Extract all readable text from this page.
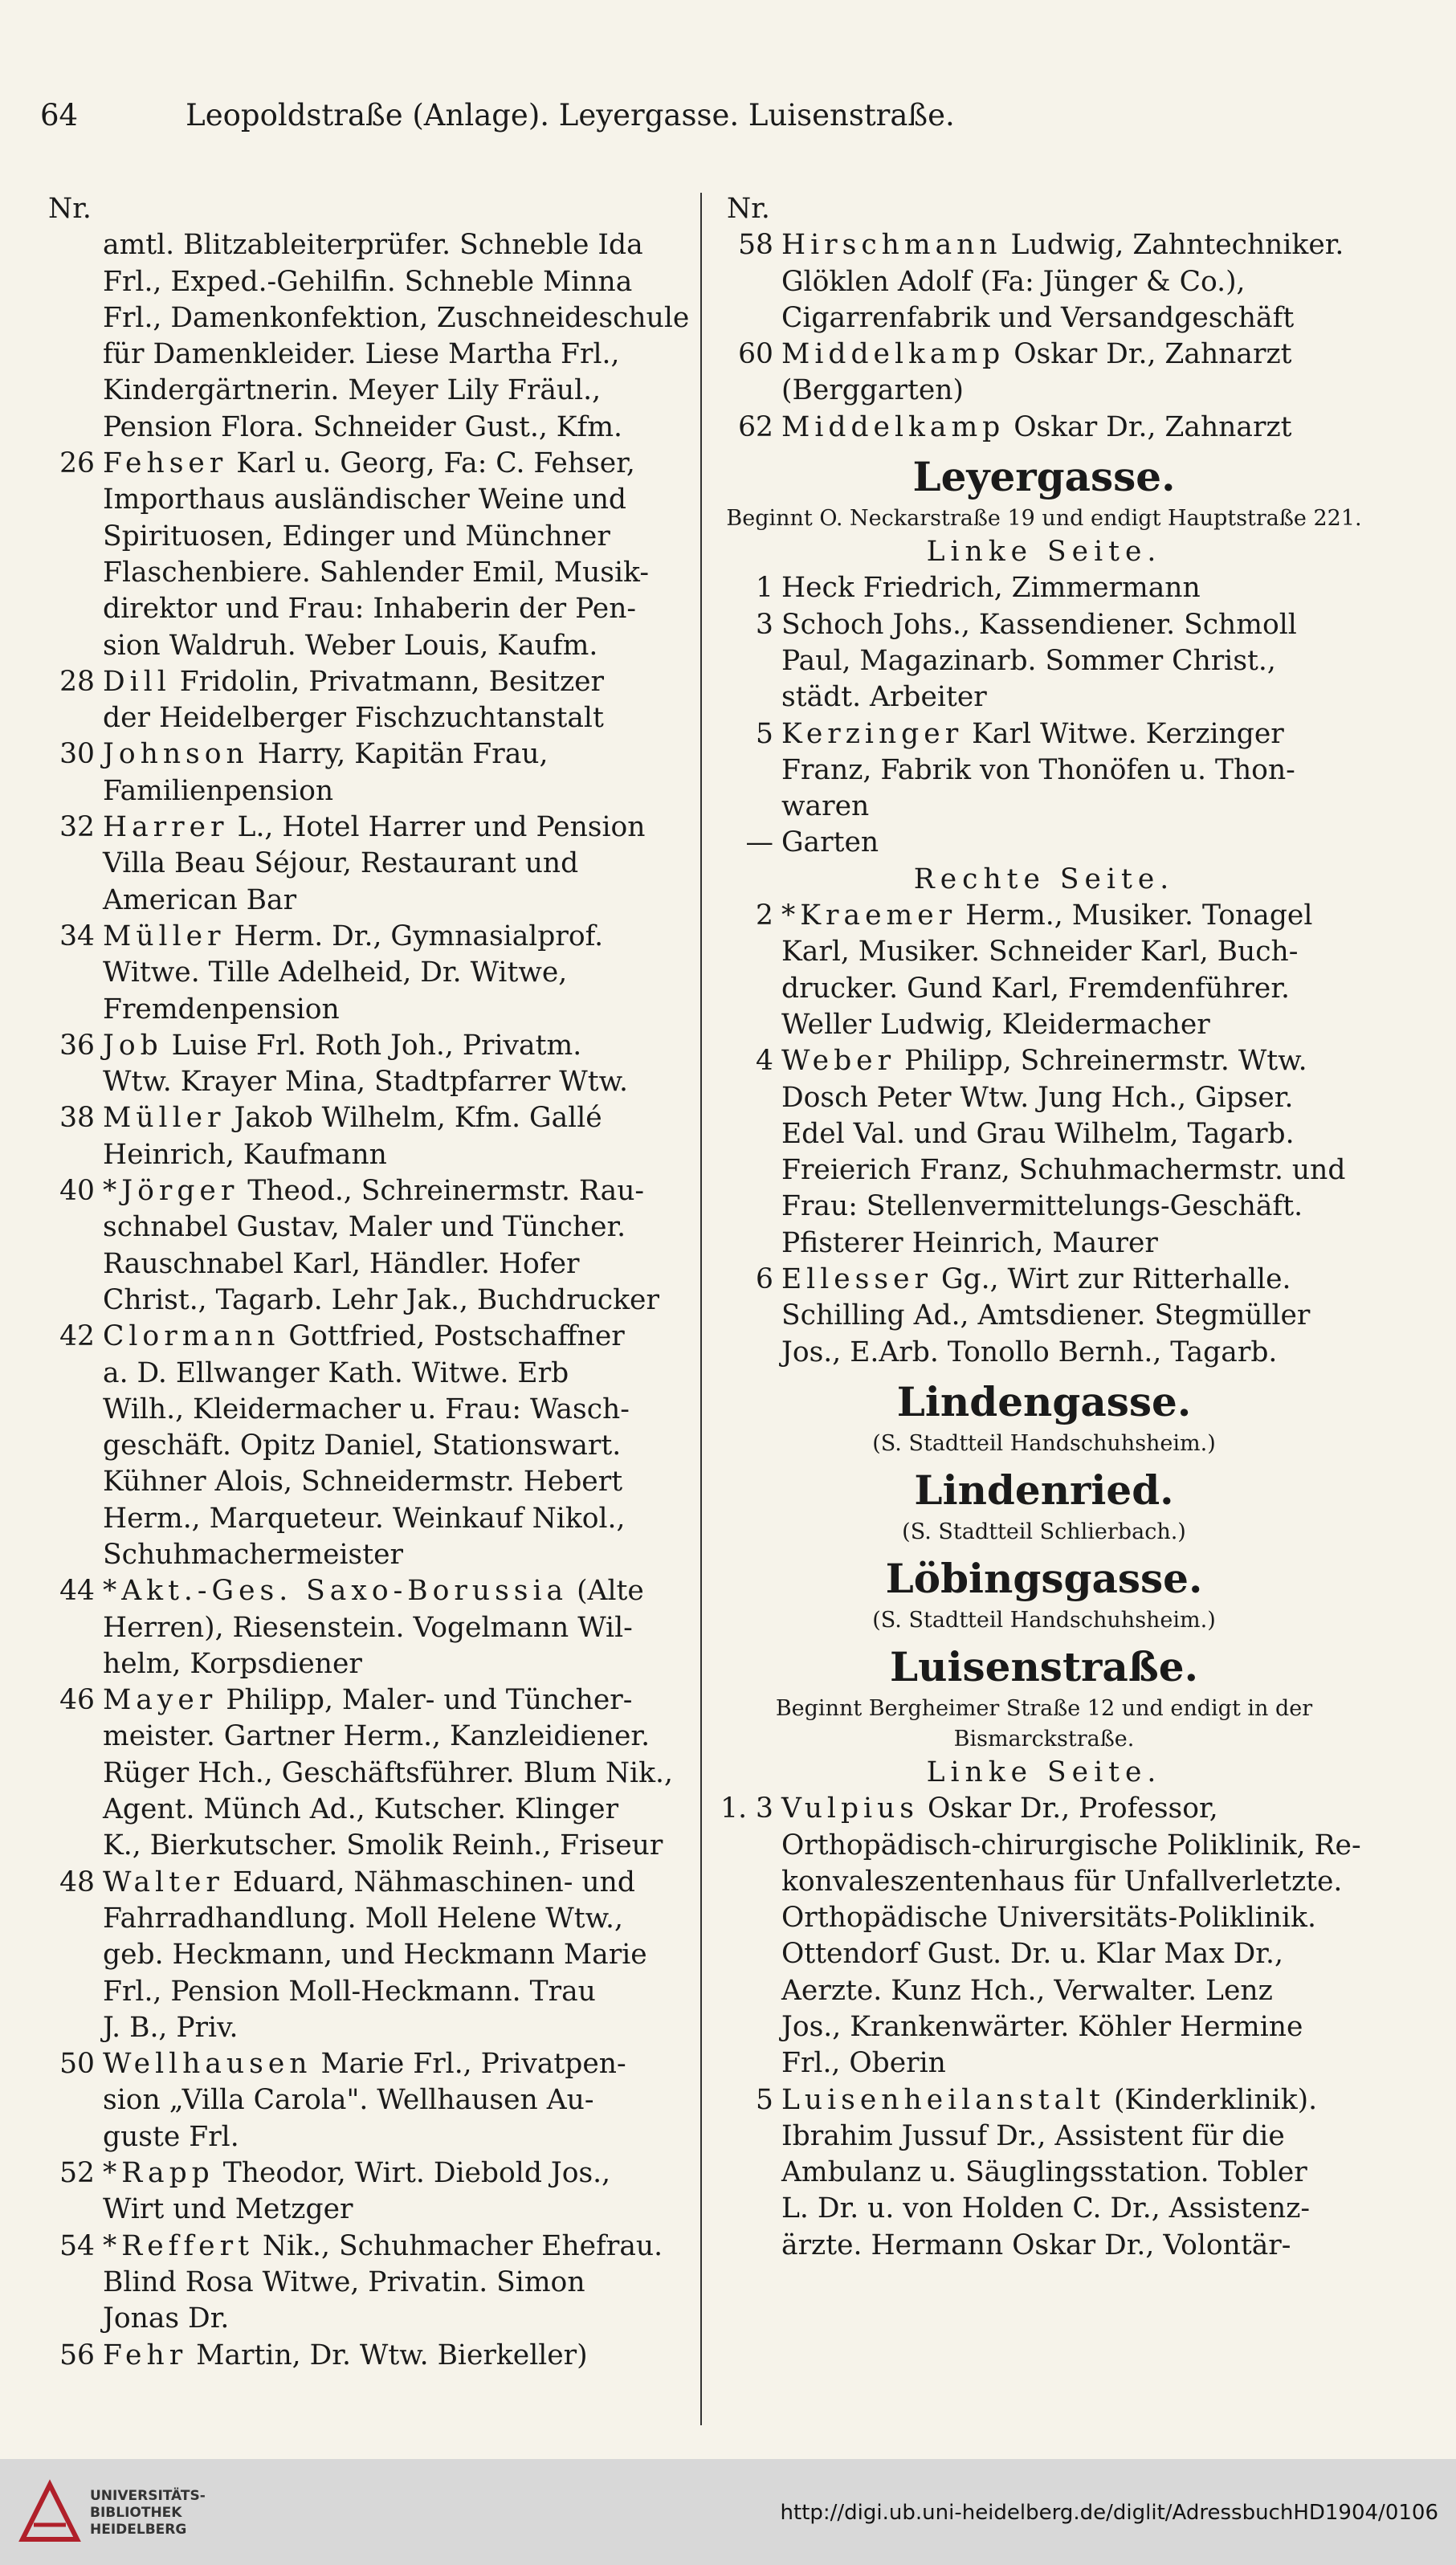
64	Leopoldstraße (Anlage). Leyergasse. Luisenstraße.
Nr.
amtl. Blitzableiterprüfer. Schneble Ida
Frl., Exped.-Gehilfin. Schneble Minna
Frl., Damenkonfektion, Zuschneideschule
für Damenkleider. Liese Martha Frl.,
Kindergärtnerin. Meyer Lily Fräul.,
Pension Flora. Schneider Gust., Kfm.
26 Fehser Karl u. Georg, Fa: C. Fehser,
Importhaus ausländischer Weine und
Spirituosen, Edinger und Münchner
Flaschenbiere. Sahlender Emil, Musik-
direktor und Frau: Inhaberin der Pen-
sion Waldruh. Weber Louis, Kaufm.
28 Dill Fridolin, Privatmann, Besitzer
der Heidelberger Fischzuchtanstalt
30 Johnson Harry, Kapitän Frau,
Familienpension
32 Harrer L., Hotel Harrer und Pension
Villa Beau Séjour, Restaurant und
American Bar
34 Müller Herm. Dr., Gymnasialprof.
Witwe. Tille Adelheid, Dr. Witwe,
Fremdenpension
36 Job Luise Frl. Roth Joh., Privatm.
Wtw. Krayer Mina, Stadtpfarrer Wtw.
38 Müller Jakob Wilhelm, Kfm. Gallé
Heinrich, Kaufmann
40 *Jörger Theod., Schreinermstr. Rau-
schnabel Gustav, Maler und Tüncher.
Rauschnabel Karl, Händler. Hofer
Christ., Tagarb. Lehr Jak., Buchdrucker
42 Clormann Gottfried, Postschaffner
a. D. Ellwanger Kath. Witwe. Erb
Wilh., Kleidermacher u. Frau: Wasch-
geschäft. Opitz Daniel, Stationswart.
Kühner Alois, Schneidermstr. Hebert
Herm., Marqueteur. Weinkauf Nikol.,
Schuhmachermeister
44 *Akt.-Ges. Saxo-Borussia (Alte
Herren), Riesenstein. Vogelmann Wil-
helm, Korpsdiener
46 Mayer Philipp, Maler- und Tüncher-
meister. Gartner Herm., Kanzleidiener.
Rüger Hch., Geschäftsführer. Blum Nik.,
Agent. Münch Ad., Kutscher. Klinger
K., Bierkutscher. Smolik Reinh., Friseur
48 Walter Eduard, Nähmaschinen- und
Fahrradhandlung. Moll Helene Wtw.,
geb. Heckmann, und Heckmann Marie
Frl., Pension Moll-Heckmann. Trau
J. B., Priv.
50 Wellhausen Marie Frl., Privatpen-
sion „Villa Carola". Wellhausen Au-
guste Frl.
52 *Rapp Theodor, Wirt. Diebold Jos.,
Wirt und Metzger
54 *Reffert Nik., Schuhmacher Ehefrau.
Blind Rosa Witwe, Privatin. Simon
Jonas Dr.
56 Fehr Martin, Dr. Wtw. Bierkeller)
Nr.
58 Hirschmann Ludwig, Zahntechniker.
Glöklen Adolf (Fa: Jünger & Co.),
Cigarrenfabrik und Versandgeschäft
60 Middelkamp Oskar Dr., Zahnarzt
(Berggarten)
62 Middelkamp Oskar Dr., Zahnarzt
Leyergasse.
Beginnt O. Neckarstraße 19 und endigt Hauptstraße 221.
Linke Seite.
1 Heck Friedrich, Zimmermann
3 Schoch Johs., Kassendiener. Schmoll
Paul, Magazinarb. Sommer Christ.,
städt. Arbeiter
5 Kerzinger Karl Witwe. Kerzinger
Franz, Fabrik von Thonöfen u. Thon-
waren
— Garten
Rechte Seite.
2 *Kraemer Herm., Musiker. Tonagel
Karl, Musiker. Schneider Karl, Buch-
drucker. Gund Karl, Fremdenführer.
Weller Ludwig, Kleidermacher
4 Weber Philipp, Schreinermstr. Wtw.
Dosch Peter Wtw. Jung Hch., Gipser.
Edel Val. und Grau Wilhelm, Tagarb.
Freierich Franz, Schuhmachermstr. und
Frau: Stellenvermittelungs-Geschäft.
Pfisterer Heinrich, Maurer
6 Ellesser Gg., Wirt zur Ritterhalle.
Schilling Ad., Amtsdiener. Stegmüller
Jos., E.Arb. Tonollo Bernh., Tagarb.
Lindengasse.
(S. Stadtteil Handschuhsheim.)
Lindenried.
(S. Stadtteil Schlierbach.)
Löbingsgasse.
(S. Stadtteil Handschuhsheim.)
Luisenstraße.
Beginnt Bergheimer Straße 12 und endigt in der
Bismarckstraße.
Linke Seite.
1. 3 Vulpius Oskar Dr., Professor,
Orthopädisch-chirurgische Poliklinik, Re-
konvaleszentenhaus für Unfallverletzte.
Orthopädische Universitäts-Poliklinik.
Ottendorf Gust. Dr. u. Klar Max Dr.,
Aerzte. Kunz Hch., Verwalter. Lenz
Jos., Krankenwärter. Köhler Hermine
Frl., Oberin
5 Luisenheilanstalt (Kinderklinik).
Ibrahim Jussuf Dr., Assistent für die
Ambulanz u. Säuglingsstation. Tobler
L. Dr. u. von Holden C. Dr., Assistenz-
ärzte. Hermann Oskar Dr., Volontär-
UNIVERSITÄTS-
BIBLIOTHEK
HEIDELBERG
http://digi.ub.uni-heidelberg.de/diglit/AdressbuchHD1904/0106
